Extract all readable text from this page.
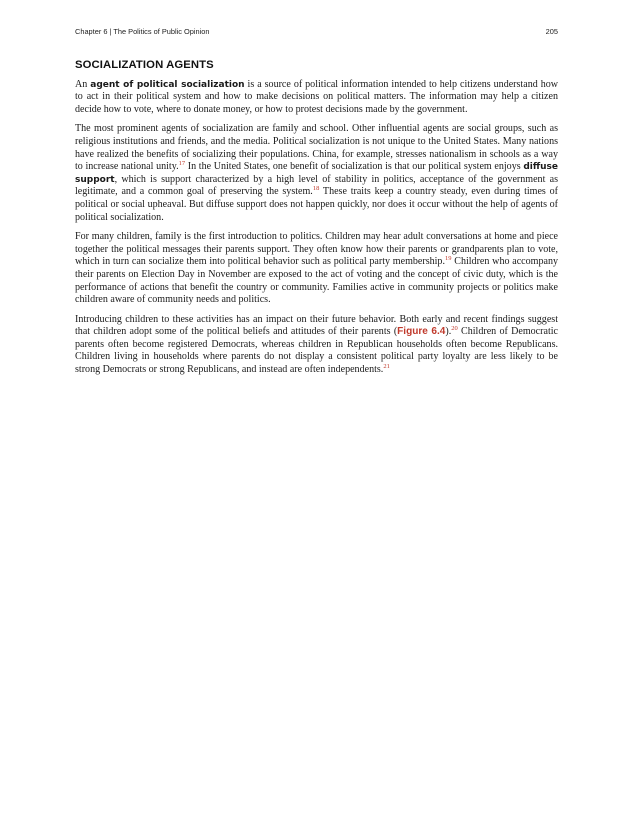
Chapter 6 | The Politics of Public Opinion	205
SOCIALIZATION AGENTS

An agent of political socialization is a source of political information intended to help citizens understand how to act in their political system and how to make decisions on political matters. The information may help a citizen decide how to vote, where to donate money, or how to protest decisions made by the government.

The most prominent agents of socialization are family and school. Other influential agents are social groups, such as religious institutions and friends, and the media. Political socialization is not unique to the United States. Many nations have realized the benefits of socializing their populations. China, for example, stresses nationalism in schools as a way to increase national unity.$^{17}$ In the United States, one benefit of socialization is that our political system enjoys diffuse support, which is support characterized by a high level of stability in politics, acceptance of the government as legitimate, and a common goal of preserving the system.$^{18}$ These traits keep a country steady, even during times of political or social upheaval. But diffuse support does not happen quickly, nor does it occur without the help of agents of political socialization.

For many children, family is the first introduction to politics. Children may hear adult conversations at home and piece together the political messages their parents support. They often know how their parents or grandparents plan to vote, which in turn can socialize them into political behavior such as political party membership.$^{19}$ Children who accompany their parents on Election Day in November are exposed to the act of voting and the concept of civic duty, which is the performance of actions that benefit the country or community. Families active in community projects or politics make children aware of community needs and politics.

Introducing children to these activities has an impact on their future behavior. Both early and recent findings suggest that children adopt some of the political beliefs and attitudes of their parents (Figure 6.4).$^{20}$ Children of Democratic parents often become registered Democrats, whereas children in Republican households often become Republicans. Children living in households where parents do not display a consistent political party loyalty are less likely to be strong Democrats or strong Republicans, and instead are often independents.$^{21}$
